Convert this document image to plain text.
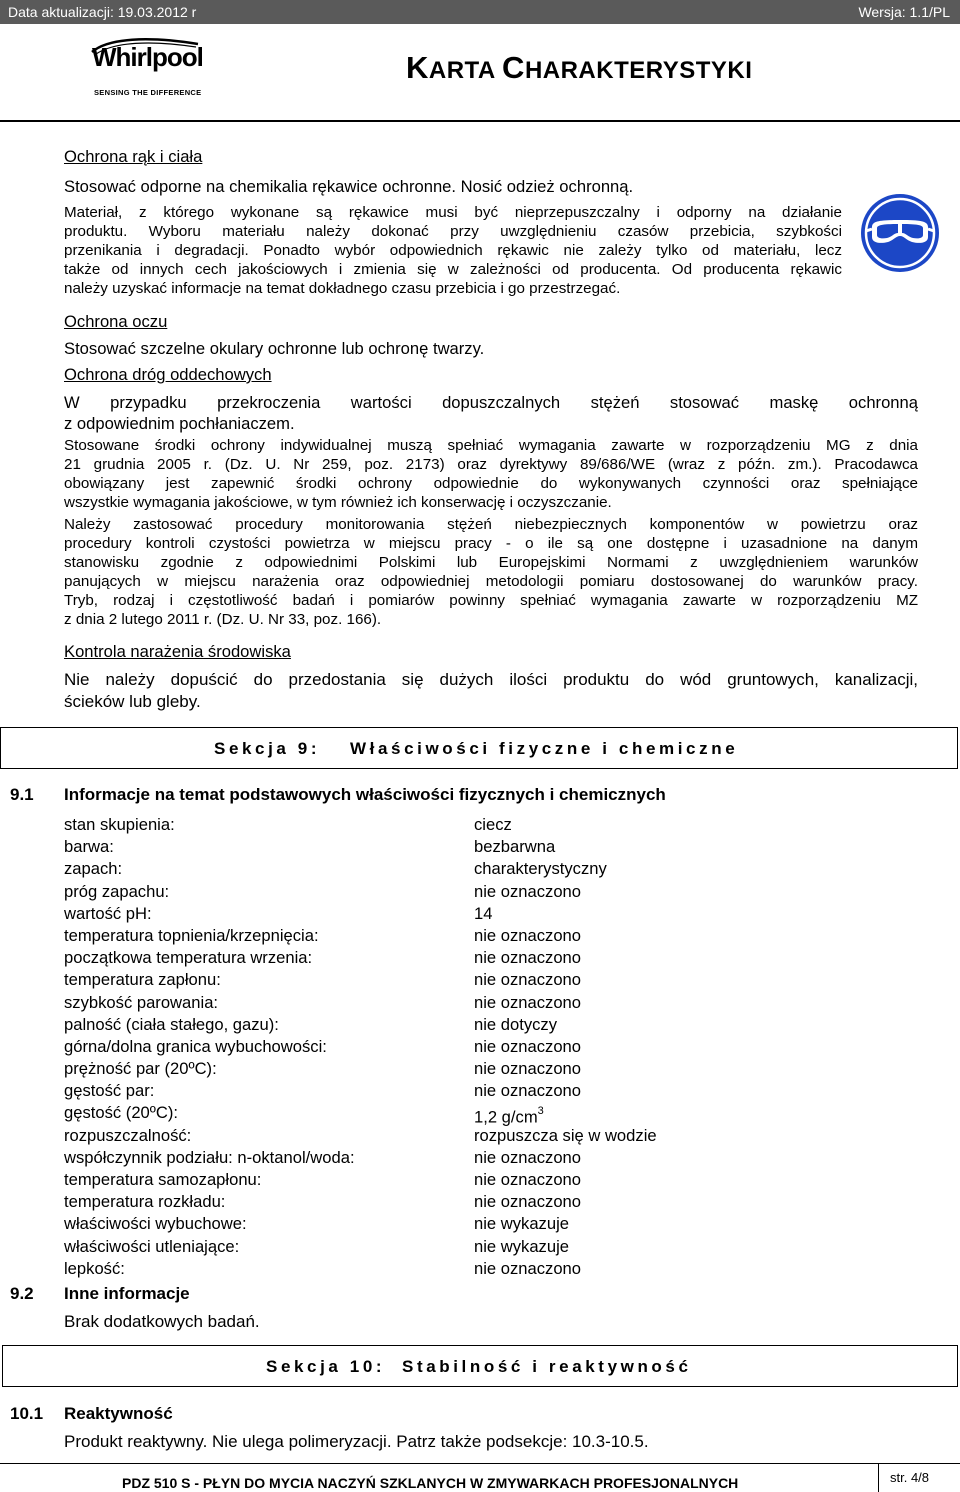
Data aktualizacji: 19.03.2012 r	Wersja: 1.1/PL
Whirlpool
SENSING THE DIFFERENCE
KARTA CHARAKTERYSTYKI
Ochrona rąk i ciała
Stosować odporne na chemikalia rękawice ochronne. Nosić odzież ochronną.
Materiał, z którego wykonane są rękawice musi być nieprzepuszczalny i odporny na działanie
produktu. Wyboru materiału należy dokonać przy uwzględnieniu czasów przebicia, szybkości
przenikania i degradacji. Ponadto wybór odpowiednich rękawic nie zależy tylko od materiału, lecz
także od innych cech jakościowych i zmienia się w zależności od producenta. Od producenta rękawic
należy uzyskać informacje na temat dokładnego czasu przebicia i go przestrzegać.
Ochrona oczu
Stosować szczelne okulary ochronne lub ochronę twarzy.
Ochrona dróg oddechowych
W przypadku przekroczenia wartości dopuszczalnych stężeń stosować maskę ochronną
z odpowiednim pochłaniaczem.
Stosowane środki ochrony indywidualnej muszą spełniać wymagania zawarte w rozporządzeniu MG z dnia
21 grudnia 2005 r. (Dz. U. Nr 259, poz. 2173) oraz dyrektywy 89/686/WE (wraz z późn. zm.). Pracodawca
obowiązany jest zapewnić środki ochrony odpowiednie do wykonywanych czynności oraz spełniające
wszystkie wymagania jakościowe, w tym również ich konserwację i oczyszczanie.
Należy zastosować procedury monitorowania stężeń niebezpiecznych komponentów w powietrzu oraz
procedury kontroli czystości powietrza w miejscu pracy - o ile są one dostępne i uzasadnione na danym
stanowisku zgodnie z odpowiednimi Polskimi lub Europejskimi Normami z uwzględnieniem warunków
panujących w miejscu narażenia oraz odpowiedniej metodologii pomiaru dostosowanej do warunków pracy.
Tryb, rodzaj i częstotliwość badań i pomiarów powinny spełniać wymagania zawarte w rozporządzeniu MZ
z dnia 2 lutego 2011 r. (Dz. U. Nr 33, poz. 166).
Kontrola narażenia środowiska
Nie należy dopuścić do przedostania się dużych ilości produktu do wód gruntowych, kanalizacji,
ścieków lub gleby.
Sekcja 9: Właściwości fizyczne i chemiczne
9.1 Informacje na temat podstawowych właściwości fizycznych i chemicznych
stan skupienia:	ciecz
barwa:	bezbarwna
zapach:	charakterystyczny
próg zapachu:	nie oznaczono
wartość pH:	14
temperatura topnienia/krzepnięcia:	nie oznaczono
początkowa temperatura wrzenia:	nie oznaczono
temperatura zapłonu:	nie oznaczono
szybkość parowania:	nie oznaczono
palność (ciała stałego, gazu):	nie dotyczy
górna/dolna granica wybuchowości:	nie oznaczono
prężność par (20ºC):	nie oznaczono
gęstość par:	nie oznaczono
gęstość (20ºC):	1,2 $g/cm^3$
rozpuszczalność:	rozpuszcza się w wodzie
współczynnik podziału: n-oktanol/woda:	nie oznaczono
temperatura samozapłonu:	nie oznaczono
temperatura rozkładu:	nie oznaczono
właściwości wybuchowe:	nie wykazuje
właściwości utleniające:	nie wykazuje
lepkość:	nie oznaczono
9.2 Inne informacje
Brak dodatkowych badań.
Sekcja 10: Stabilność i reaktywność
10.1 Reaktywność
Produkt reaktywny. Nie ulega polimeryzacji. Patrz także podsekcje: 10.3-10.5.
PDZ 510 S - PŁYN DO MYCIA NACZYŃ SZKLANYCH W ZMYWARKACH PROFESJONALNYCH	str. 4/8
